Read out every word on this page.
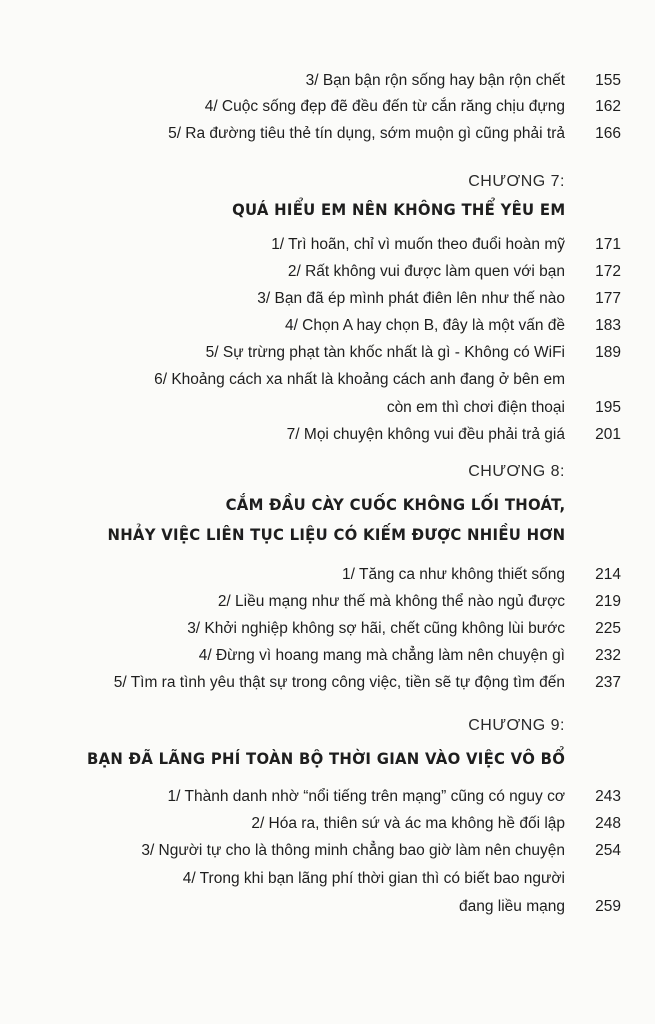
3/ Bạn bận rộn sống hay bận rộn chết	155
4/ Cuộc sống đẹp đẽ đều đến từ cắn răng chịu đựng	162
5/ Ra đường tiêu thẻ tín dụng, sớm muộn gì cũng phải trả	166
CHƯƠNG 7:
QUÁ HIỂU EM NÊN KHÔNG THỂ YÊU EM
1/ Trì hoãn, chỉ vì muốn theo đuổi hoàn mỹ	171
2/ Rất không vui được làm quen với bạn	172
3/ Bạn đã ép mình phát điên lên như thế nào	177
4/ Chọn A hay chọn B, đây là một vấn đề	183
5/ Sự trừng phạt tàn khốc nhất là gì - Không có WiFi	189
6/ Khoảng cách xa nhất là khoảng cách anh đang ở bên em
còn em thì chơi điện thoại	195
7/ Mọi chuyện không vui đều phải trả giá	201
CHƯƠNG 8:
CẮM ĐẦU CÀY CUỐC KHÔNG LỐI THOÁT,
NHẢY VIỆC LIÊN TỤC LIỆU CÓ KIẾM ĐƯỢC NHIỀU HƠN
1/ Tăng ca như không thiết sống	214
2/ Liều mạng như thế mà không thể nào ngủ được	219
3/ Khởi nghiệp không sợ hãi, chết cũng không lùi bước	225
4/ Đừng vì hoang mang mà chẳng làm nên chuyện gì	232
5/ Tìm ra tình yêu thật sự trong công việc, tiền sẽ tự động tìm đến	237
CHƯƠNG 9:
BẠN ĐÃ LÃNG PHÍ TOÀN BỘ THỜI GIAN VÀO VIỆC VÔ BỔ
1/ Thành danh nhờ “nổi tiếng trên mạng” cũng có nguy cơ	243
2/ Hóa ra, thiên sứ và ác ma không hề đối lập	248
3/ Người tự cho là thông minh chẳng bao giờ làm nên chuyện	254
4/ Trong khi bạn lãng phí thời gian thì có biết bao người
đang liều mạng	259
